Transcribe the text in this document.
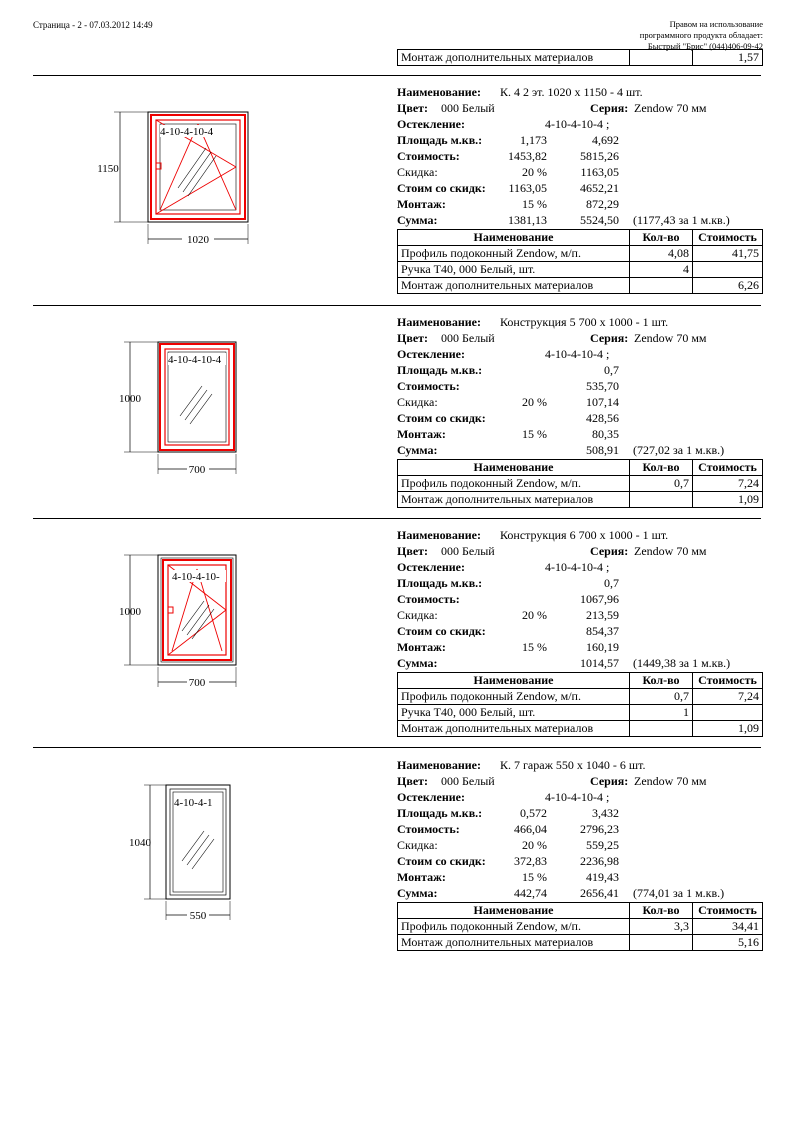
Страница - 2 - 07.03.2012 14:49	Правом на использование
программного продукта обладает:
Быстрый "Брис" (044)406-09-42
Монтаж дополнительных материалов		1,57
1150
1020
4-10-4-10-4
Наименование: К. 4 2 эт. 1020 x 1150 - 4 шт.
Цвет: 000 Белый	Серия: Zendow 70 мм
Остекление:	4-10-4-10-4 ;
Площадь м.кв.:	1,173	4,692
Стоимость:	1453,82	5815,26
Скидка:	20 %	1163,05
Стоим со скидк:	1163,05	4652,21
Монтаж:	15 %	872,29
Сумма:	1381,13	5524,50 (1177,43 за 1 м.кв.)
Наименование	Кол-во	Стоимость
Профиль подоконный Zendow, м/п.	4,08	41,75
Ручка Т40, 000 Белый, шт.	4	
Монтаж дополнительных материалов		6,26
1000
700
4-10-4-10-4
Наименование: Конструкция 5 700 x 1000 - 1 шт.
Цвет: 000 Белый	Серия: Zendow 70 мм
Остекление:	4-10-4-10-4 ;
Площадь м.кв.:	0,7
Стоимость:	535,70
Скидка:	20 %	107,14
Стоим со скидк:	428,56
Монтаж:	15 %	80,35
Сумма:	508,91 (727,02 за 1 м.кв.)
Наименование	Кол-во	Стоимость
Профиль подоконный Zendow, м/п.	0,7	7,24
Монтаж дополнительных материалов		1,09
1000
700
4-10-4-10-
Наименование: Конструкция 6 700 x 1000 - 1 шт.
Цвет: 000 Белый	Серия: Zendow 70 мм
Остекление:	4-10-4-10-4 ;
Площадь м.кв.:	0,7
Стоимость:	1067,96
Скидка:	20 %	213,59
Стоим со скидк:	854,37
Монтаж:	15 %	160,19
Сумма:	1014,57 (1449,38 за 1 м.кв.)
Наименование	Кол-во	Стоимость
Профиль подоконный Zendow, м/п.	0,7	7,24
Ручка Т40, 000 Белый, шт.	1	
Монтаж дополнительных материалов		1,09
1040
550
4-10-4-1
Наименование: К. 7 гараж 550 x 1040 - 6 шт.
Цвет: 000 Белый	Серия: Zendow 70 мм
Остекление:	4-10-4-10-4 ;
Площадь м.кв.:	0,572	3,432
Стоимость:	466,04	2796,23
Скидка:	20 %	559,25
Стоим со скидк:	372,83	2236,98
Монтаж:	15 %	419,43
Сумма:	442,74	2656,41 (774,01 за 1 м.кв.)
Наименование	Кол-во	Стоимость
Профиль подоконный Zendow, м/п.	3,3	34,41
Монтаж дополнительных материалов		5,16
